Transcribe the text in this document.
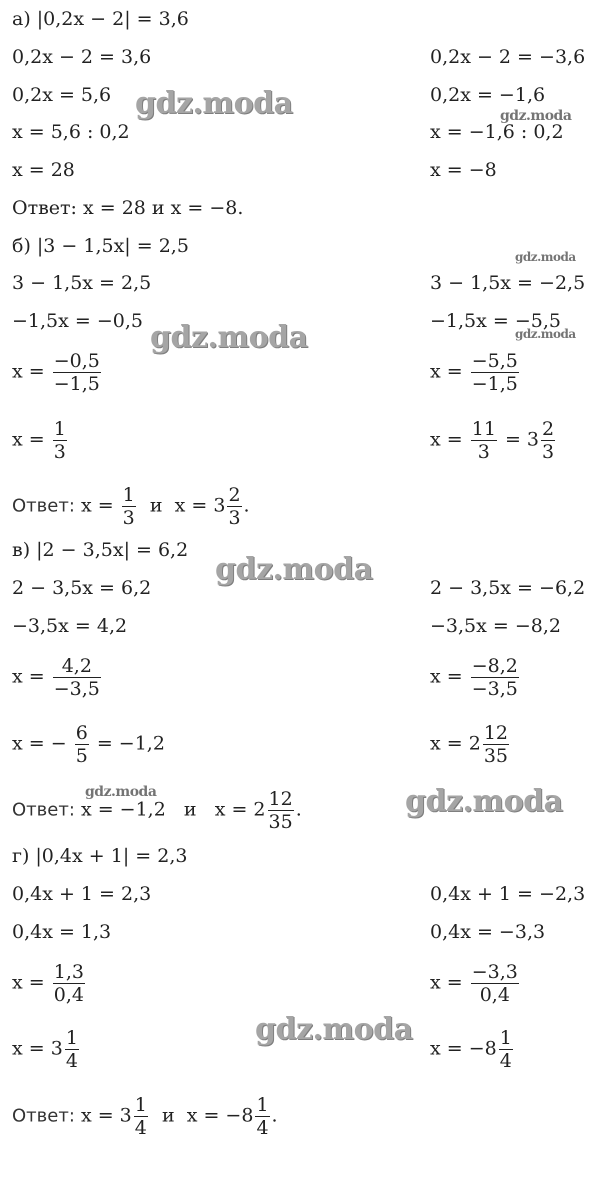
а) |0,2x − 2| = 3,6
0,2x − 2 = 3,6	0,2x − 2 = −3,6
0,2x = 5,6	0,2x = −1,6
x = 5,6 : 0,2	x = −1,6 : 0,2
x = 28	x = −8
Ответ: x = 28 и x = −8.
б) |3 − 1,5x| = 2,5
3 − 1,5x = 2,5	3 − 1,5x = −2,5
−1,5x = −0,5	−1,5x = −5,5
$x = \frac{-0,5}{-1,5}$	$x = \frac{-5,5}{-1,5}$
$x = \frac{1}{3}$	$x = \frac{11}{3} = 3 \frac{2}{3}$
Ответ: $x = \frac{1}{3}$ и $x = 3 \frac{2}{3}$ .
в) |2 − 3,5x| = 6,2
2 − 3,5x = 6,2	2 − 3,5x = −6,2
−3,5x = 4,2	−3,5x = −8,2
$x = \frac{4,2}{-3,5}$	$x = \frac{-8,2}{-3,5}$
x = − $\frac{6}{5} = -1,2$	$x = 2 \frac{12}{35}$
Ответ: x = −1,2 и $x = 2 \frac{12}{35}$ .
г) |0,4x + 1| = 2,3
0,4x + 1 = 2,3	0,4x + 1 = −2,3
0,4x = 1,3	0,4x = −3,3
$x = \frac{1,3}{0,4}$	$x = \frac{-3,3}{0,4}$
$x = 3 \frac{1}{4}$	$x = -8 \frac{1}{4}$
Ответ: $x = 3 \frac{1}{4}$ и $x = -8 \frac{1}{4}$ .
gdz.moda	gdz.moda
gdz.moda
gdz.moda	gdz.moda
gdz.moda
gdz.moda	gdz.moda
gdz.moda
